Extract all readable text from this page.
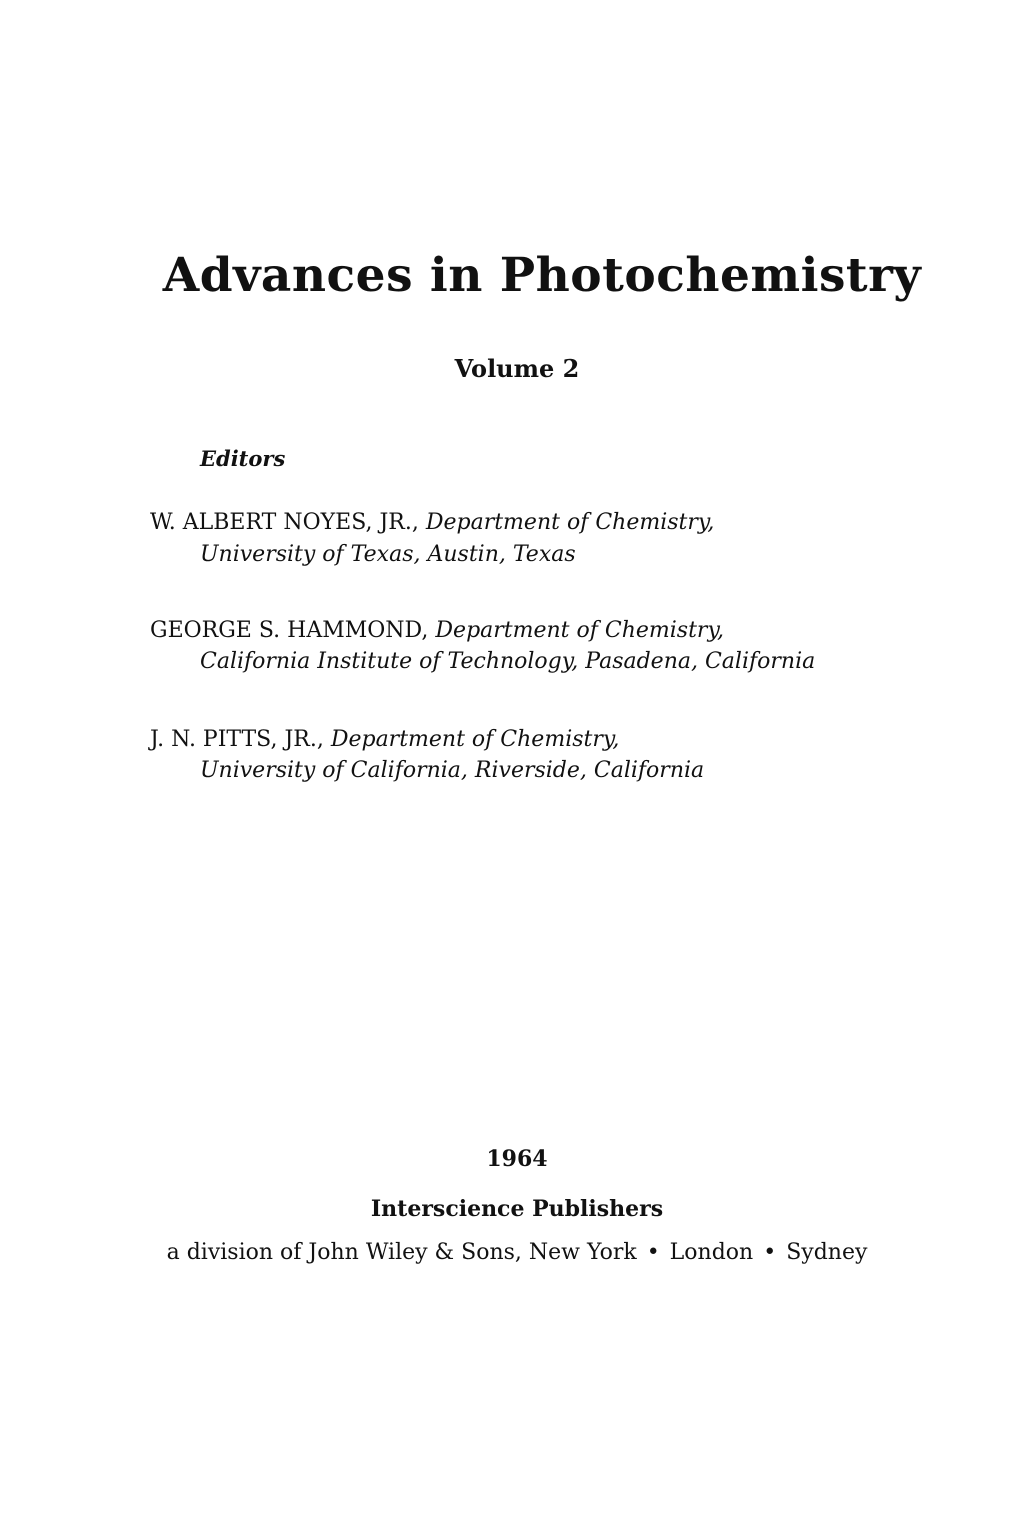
Advances in Photochemistry
Volume 2
Editors
W. ALBERT NOYES, JR., Department of Chemistry,
University of Texas, Austin, Texas
GEORGE S. HAMMOND, Department of Chemistry,
California Institute of Technology, Pasadena, California
J. N. PITTS, JR., Department of Chemistry,
University of California, Riverside, California
1964
Interscience Publishers
a division of John Wiley & Sons, New York • London • Sydney
